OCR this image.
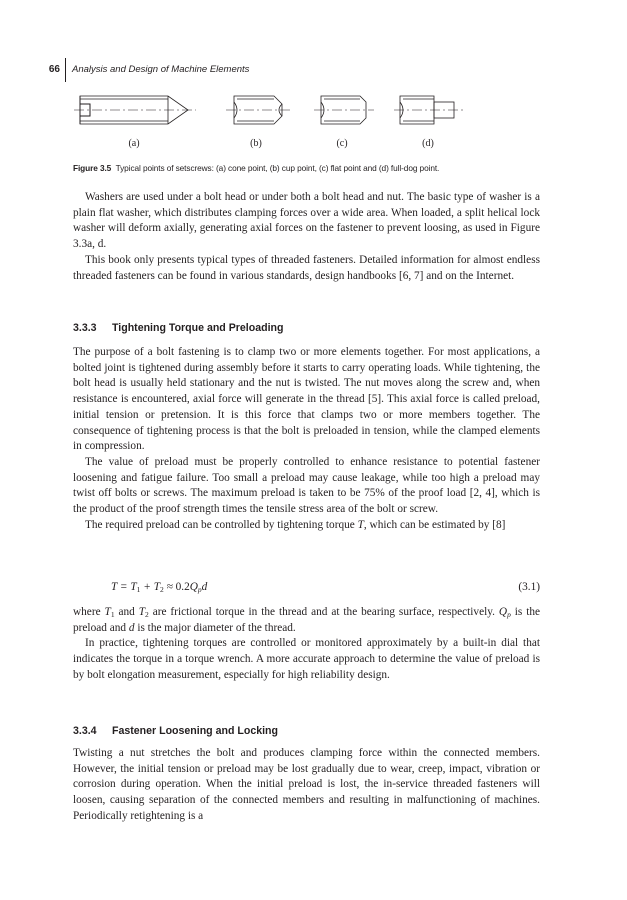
66 Analysis and Design of Machine Elements
(a)	(b)	(c)	(d)
Figure 3.5 Typical points of setscrews: (a) cone point, (b) cup point, (c) flat point and (d) full-dog point.

Washers are used under a bolt head or under both a bolt head and nut. The basic type of washer is a plain flat washer, which distributes clamping forces over a wide area. When loaded, a split helical lock washer will deform axially, generating axial forces on the fastener to prevent loosing, as used in Figure 3.3a, d.

This book only presents typical types of threaded fasteners. Detailed information for almost endless threaded fasteners can be found in various standards, design handbooks [6, 7] and on the Internet.

3.3.3 Tightening Torque and Preloading

The purpose of a bolt fastening is to clamp two or more elements together. For most applications, a bolted joint is tightened during assembly before it starts to carry operating loads. While tightening, the bolt head is usually held stationary and the nut is twisted. The nut moves along the screw and, when resistance is encountered, axial force will generate in the thread [5]. This axial force is called preload, initial tension or pretension. It is this force that clamps two or more members together. The consequence of tightening process is that the bolt is preloaded in tension, while the clamped elements in compression.

The value of preload must be properly controlled to enhance resistance to potential fastener loosening and fatigue failure. Too small a preload may cause leakage, while too high a preload may twist off bolts or screws. The maximum preload is taken to be 75% of the proof load [2, 4], which is the product of the proof strength times the tensile stress area of the bolt or screw.

The required preload can be controlled by tightening torque T, which can be estimated by [8]

$T = T_1 + T_2 \approx 0.2Q_pd$	(3.1)

where $T_1$ and $T_2$ are frictional torque in the thread and at the bearing surface, respectively. $Q_p$ is the preload and d is the major diameter of the thread.

In practice, tightening torques are controlled or monitored approximately by a built-in dial that indicates the torque in a torque wrench. A more accurate approach to determine the value of preload is by bolt elongation measurement, especially for high reliability design.

3.3.4 Fastener Loosening and Locking

Twisting a nut stretches the bolt and produces clamping force within the connected members. However, the initial tension or preload may be lost gradually due to wear, creep, impact, vibration or corrosion during operation. When the initial preload is lost, the in-service threaded fasteners will loosen, causing separation of the connected members and resulting in malfunctioning of machines. Periodically retightening is a
